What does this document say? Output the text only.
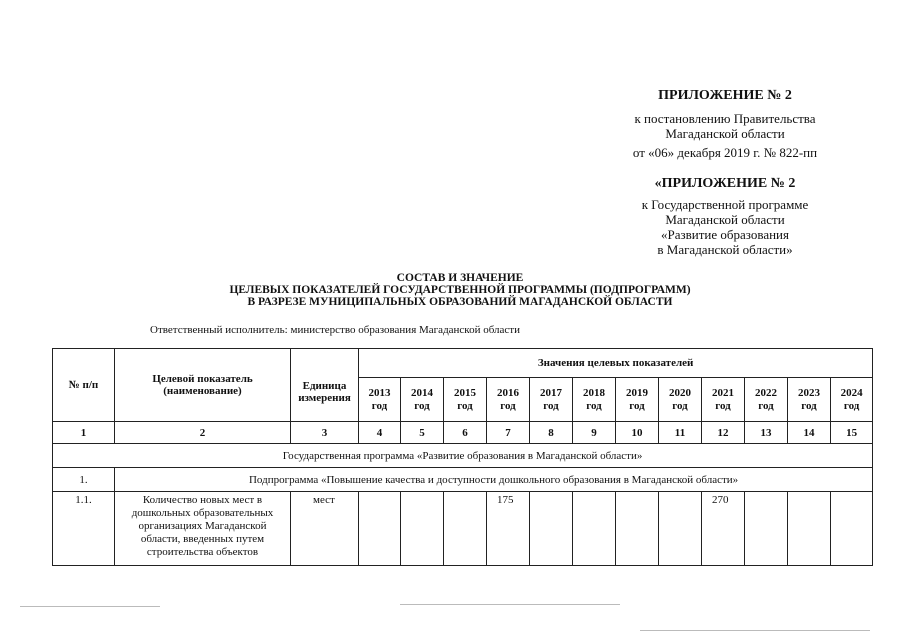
ПРИЛОЖЕНИЕ № 2
к постановлению Правительства
Магаданской области
от «06» декабря 2019 г. № 822-пп
«ПРИЛОЖЕНИЕ № 2
к Государственной программе
Магаданской области
«Развитие образования
в Магаданской области»
СОСТАВ И ЗНАЧЕНИЕ
ЦЕЛЕВЫХ ПОКАЗАТЕЛЕЙ ГОСУДАРСТВЕННОЙ ПРОГРАММЫ (ПОДПРОГРАММ)
В РАЗРЕЗЕ МУНИЦИПАЛЬНЫХ ОБРАЗОВАНИЙ МАГАДАНСКОЙ ОБЛАСТИ
Ответственный исполнитель: министерство образования Магаданской области
№ п/п	Целевой показатель (наименование)	Единица измерения	Значения целевых показателей											
			2013 год	2014 год	2015 год	2016 год	2017 год	2018 год	2019 год	2020 год	2021 год	2022 год	2023 год	2024 год
1	2	3	4	5	6	7	8	9	10	11	12	13	14	15
Государственная программа «Развитие образования в Магаданской области»														
1.	Подпрограмма «Повышение качества и доступности дошкольного образования в Магаданской области»													
1.1.	Количество новых мест в дошкольных образовательных организациях Магаданской области, введенных путем строительства объектов	мест				175					270			
